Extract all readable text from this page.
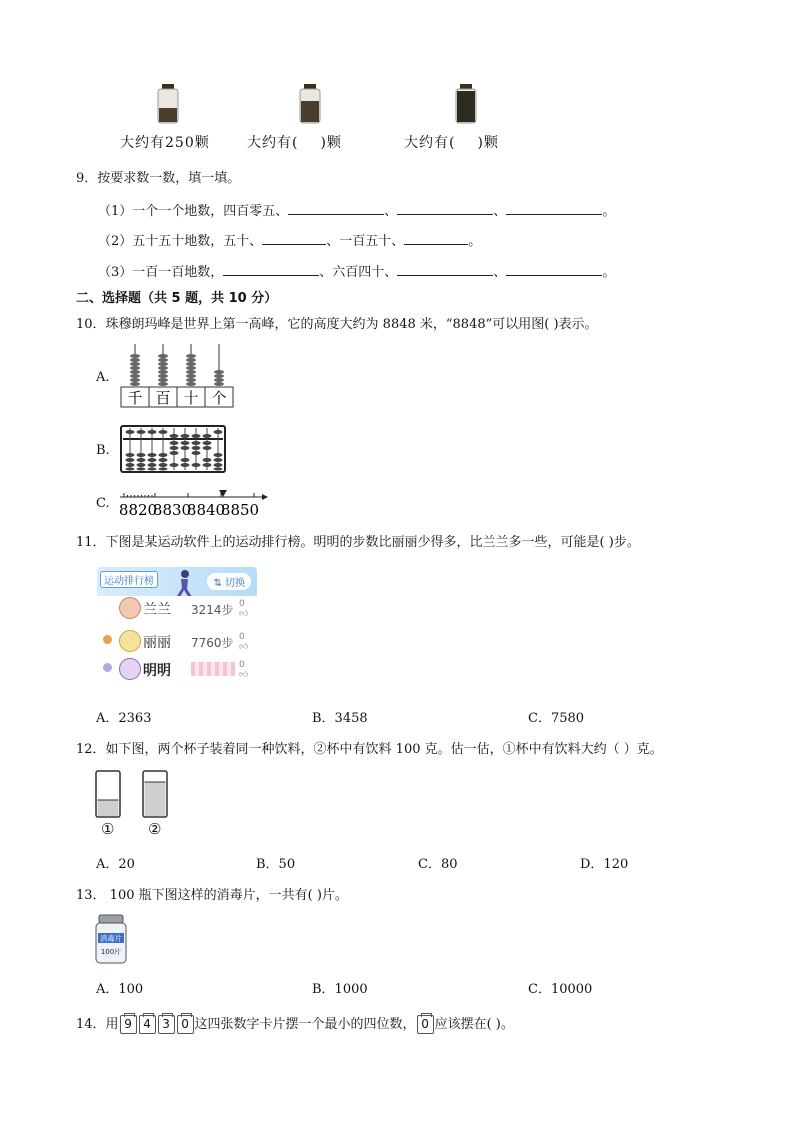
大约有250颗	大约有( )颗	大约有( )颗
9．按要求数一数，填一填。
（1）一个一个地数，四百零五、	、	、	。
（2）五十五十地数，五十、	、一百五十、	。
（3）一百一百地数，	、六百四十、	、	。
二、选择题（共 5 题，共 10 分）
10．珠穆朗玛峰是世界上第一高峰，它的高度大约为 8848 米，“8848”可以用图( )表示。
A.
千 百 十 个
B.
C. 8820
8830
8840
8850
11．下图是某运动软件上的运动排行榜。明明的步数比丽丽少得多，比兰兰多一些，可能是( )步。
运动排行榜	⇅ 切换
兰兰 3214步 0
👍︎
丽丽 7760步 0
👍︎
明明	0
👍︎
A．2363	B．3458	C．7580
12．如下图，两个杯子装着同一种饮料，②杯中有饮料 100 克。估一估，①杯中有饮料大约（ ）克。
① ②
A．20	B．50	C．80	D．120
13． 100 瓶下图这样的消毒片，一共有( )片。
消毒片
100片
A．100	B．1000	C．10000
14．用 9 4 3 0 这四张数字卡片摆一个最小的四位数， 0 应该摆在( )。
